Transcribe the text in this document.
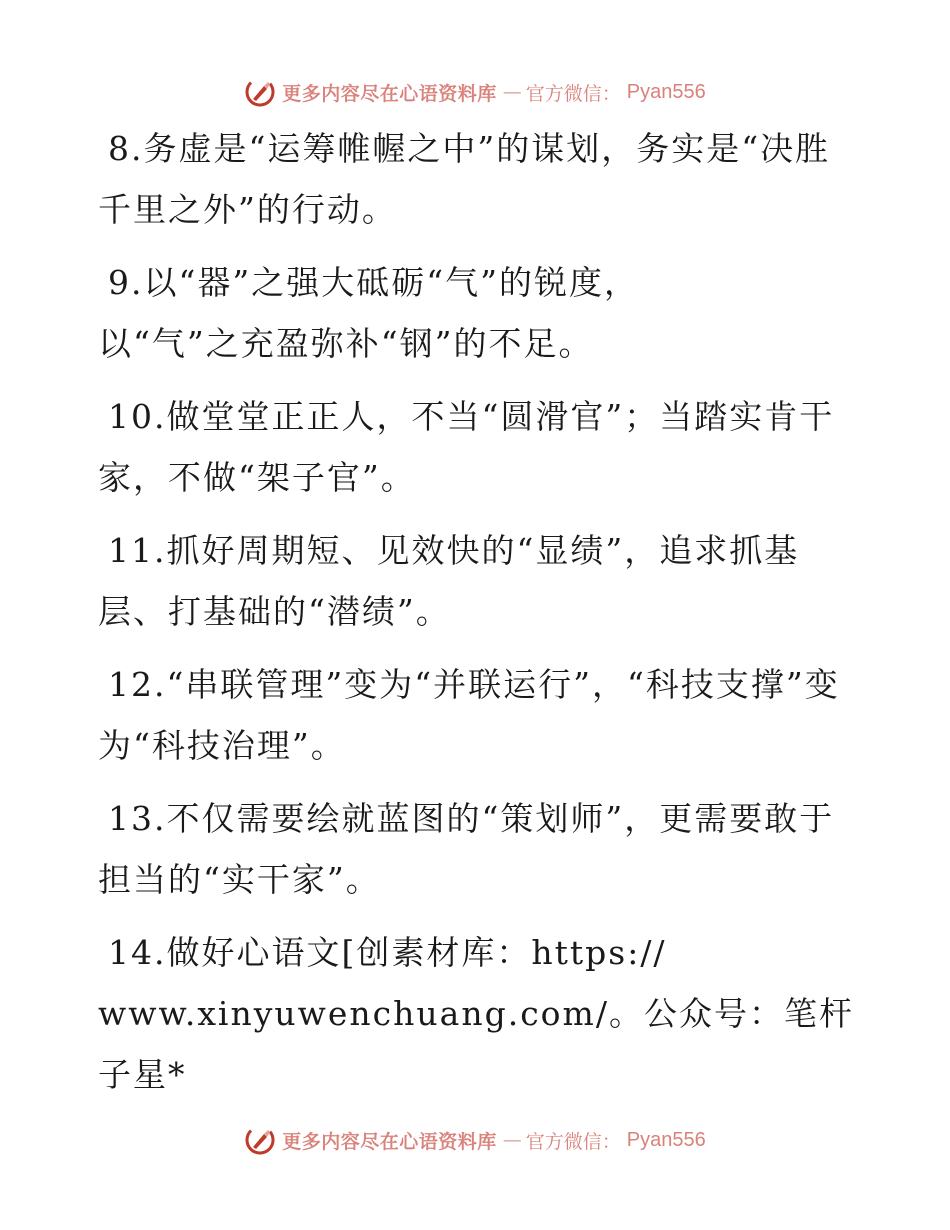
更多内容尽在心语资料库 — 官方微信： Pyan556

8.务虚是“运筹帷幄之中”的谋划，务实是“决胜千里之外”的行动。

9.以“器”之强大砥砺“气”的锐度，
以“气”之充盈弥补“钢”的不足。

10.做堂堂正正人，不当“圆滑官”；当踏实肯干家，不做“架子官”。

11.抓好周期短、见效快的“显绩”，追求抓基层、打基础的“潜绩”。

12.“串联管理”变为“并联运行”，“科技支撑”变为“科技治理”。

13.不仅需要绘就蓝图的“策划师”，更需要敢于担当的“实干家”。

14.做好心语文[创素材库：https://
www.xinyuwenchuang.com/。公众号：笔杆子星*

更多内容尽在心语资料库 — 官方微信： Pyan556
